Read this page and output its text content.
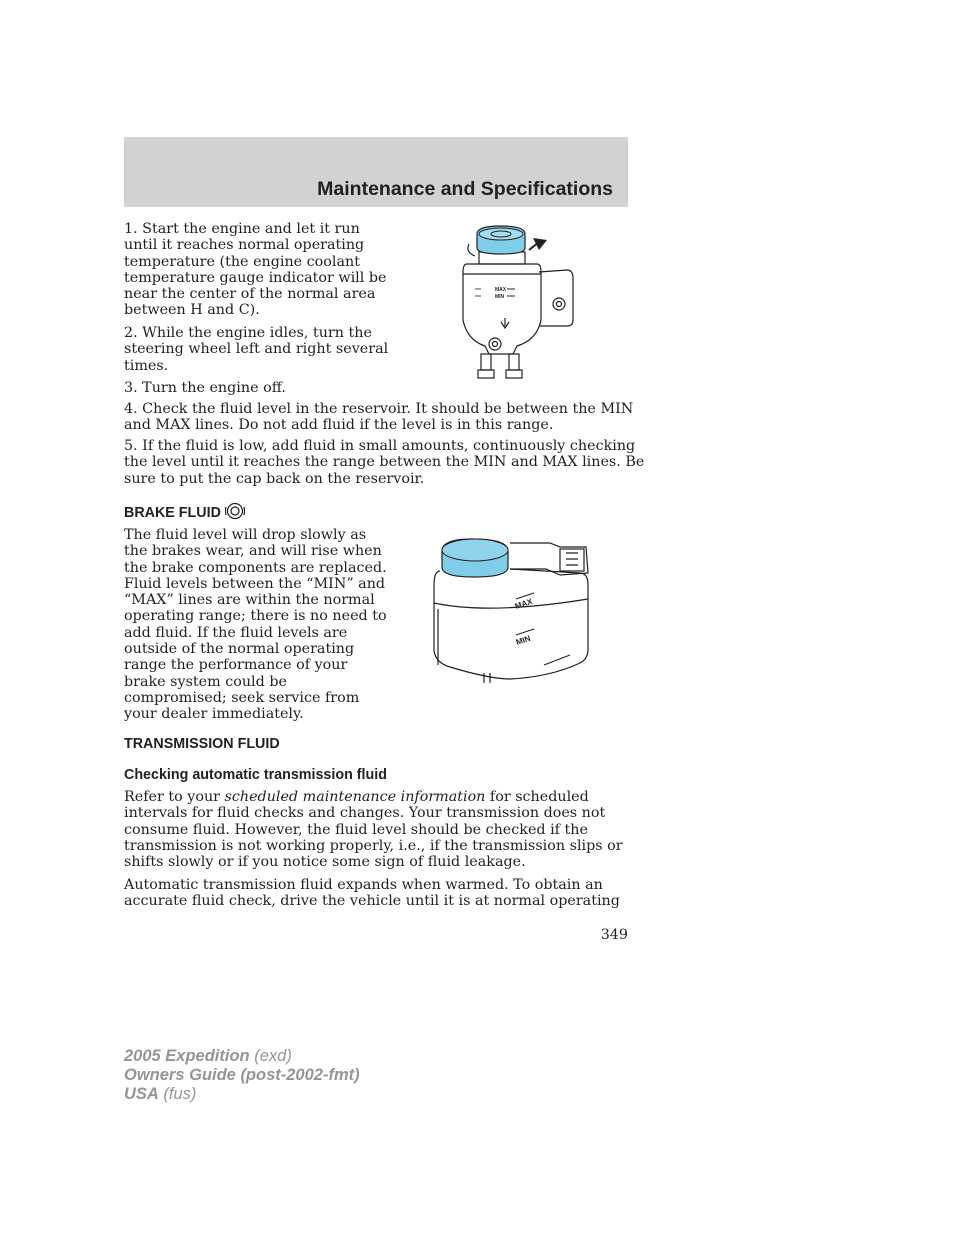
Maintenance and Specifications
1. Start the engine and let it run
until it reaches normal operating
temperature (the engine coolant
temperature gauge indicator will be
near the center of the normal area
between H and C).
2. While the engine idles, turn the
steering wheel left and right several
times.
3. Turn the engine off.
4. Check the fluid level in the reservoir. It should be between the MIN
and MAX lines. Do not add fluid if the level is in this range.
5. If the fluid is low, add fluid in small amounts, continuously checking
the level until it reaches the range between the MIN and MAX lines. Be
sure to put the cap back on the reservoir.
MAX
MIN
BRAKE FLUID
The fluid level will drop slowly as
the brakes wear, and will rise when
the brake components are replaced.
Fluid levels between the “MIN” and
“MAX” lines are within the normal
operating range; there is no need to
add fluid. If the fluid levels are
outside of the normal operating
range the performance of your
brake system could be
compromised; seek service from
your dealer immediately.
MAX
MIN
TRANSMISSION FLUID
Checking automatic transmission fluid
Refer to your scheduled maintenance information for scheduled
intervals for fluid checks and changes. Your transmission does not
consume fluid. However, the fluid level should be checked if the
transmission is not working properly, i.e., if the transmission slips or
shifts slowly or if you notice some sign of fluid leakage.
Automatic transmission fluid expands when warmed. To obtain an
accurate fluid check, drive the vehicle until it is at normal operating
349
2005 Expedition (exd)
Owners Guide (post-2002-fmt)
USA (fus)
